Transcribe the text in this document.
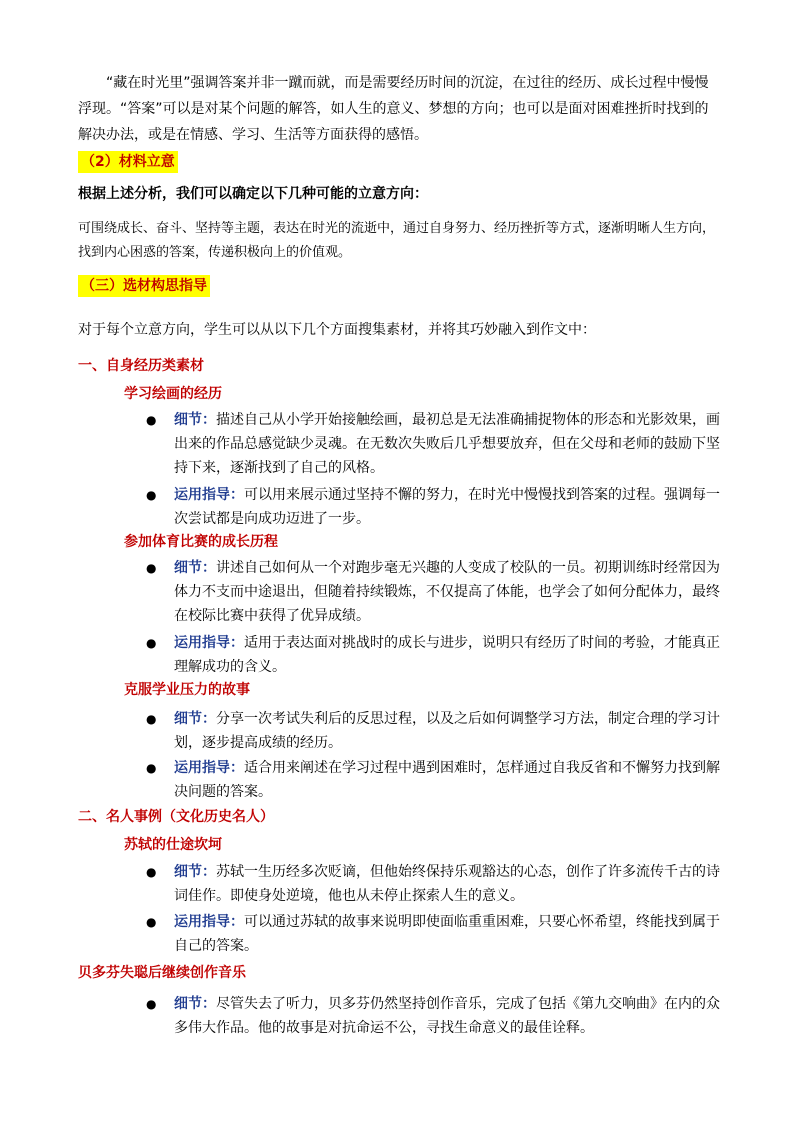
“藏在时光里”强调答案并非一蹴而就，而是需要经历时间的沉淀，在过往的经历、成长过程中慢慢浮现。“答案”可以是对某个问题的解答，如人生的意义、梦想的方向；也可以是面对困难挫折时找到的解决办法，或是在情感、学习、生活等方面获得的感悟。

（2）材料立意
根据上述分析，我们可以确定以下几种可能的立意方向：

可围绕成长、奋斗、坚持等主题，表达在时光的流逝中，通过自身努力、经历挫折等方式，逐渐明晰人生方向，找到内心困惑的答案，传递积极向上的价值观。

（三）选材构思指导
对于每个立意方向，学生可以从以下几个方面搜集素材，并将其巧妙融入到作文中：
一、自身经历类素材
学习绘画的经历
●	细节：描述自己从小学开始接触绘画，最初总是无法准确捕捉物体的形态和光影效果，画出来的作品总感觉缺少灵魂。在无数次失败后几乎想要放弃，但在父母和老师的鼓励下坚持下来，逐渐找到了自己的风格。
●	运用指导：可以用来展示通过坚持不懈的努力，在时光中慢慢找到答案的过程。强调每一次尝试都是向成功迈进了一步。
参加体育比赛的成长历程
●	细节：讲述自己如何从一个对跑步毫无兴趣的人变成了校队的一员。初期训练时经常因为体力不支而中途退出，但随着持续锻炼，不仅提高了体能，也学会了如何分配体力，最终在校际比赛中获得了优异成绩。
●	运用指导：适用于表达面对挑战时的成长与进步，说明只有经历了时间的考验，才能真正理解成功的含义。
克服学业压力的故事
●	细节：分享一次考试失利后的反思过程，以及之后如何调整学习方法，制定合理的学习计划，逐步提高成绩的经历。
●	运用指导：适合用来阐述在学习过程中遇到困难时，怎样通过自我反省和不懈努力找到解决问题的答案。
二、名人事例（文化历史名人）
苏轼的仕途坎坷
●	细节：苏轼一生历经多次贬谪，但他始终保持乐观豁达的心态，创作了许多流传千古的诗词佳作。即使身处逆境，他也从未停止探索人生的意义。
●	运用指导：可以通过苏轼的故事来说明即使面临重重困难，只要心怀希望，终能找到属于自己的答案。
贝多芬失聪后继续创作音乐
●	细节：尽管失去了听力，贝多芬仍然坚持创作音乐，完成了包括《第九交响曲》在内的众多伟大作品。他的故事是对抗命运不公，寻找生命意义的最佳诠释。
